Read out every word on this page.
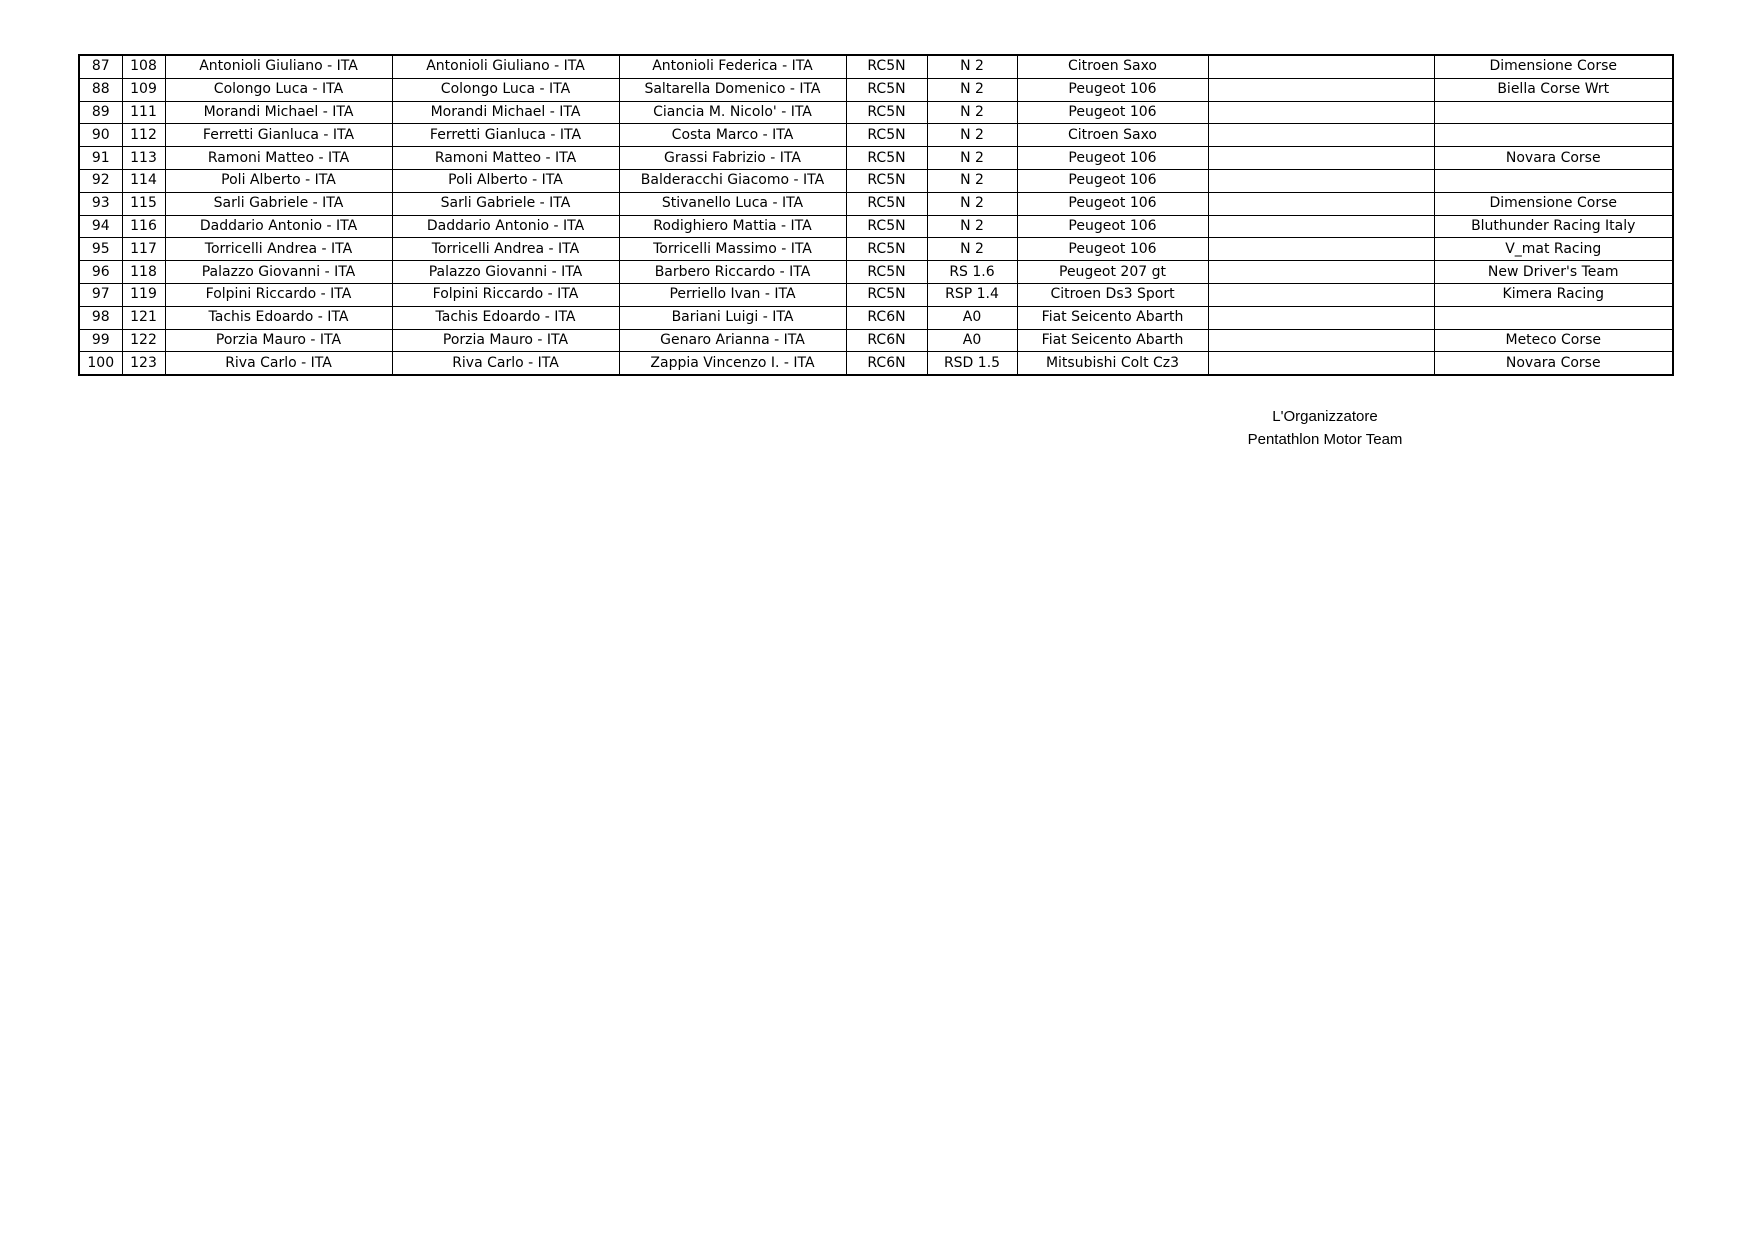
87	108	Antonioli Giuliano - ITA	Antonioli Giuliano - ITA	Antonioli Federica - ITA	RC5N	N 2	Citroen Saxo		Dimensione Corse
88	109	Colongo Luca - ITA	Colongo Luca - ITA	Saltarella Domenico - ITA	RC5N	N 2	Peugeot 106		Biella Corse Wrt
89	111	Morandi Michael - ITA	Morandi Michael - ITA	Ciancia M. Nicolo' - ITA	RC5N	N 2	Peugeot 106		
90	112	Ferretti Gianluca - ITA	Ferretti Gianluca - ITA	Costa Marco - ITA	RC5N	N 2	Citroen Saxo		
91	113	Ramoni Matteo - ITA	Ramoni Matteo - ITA	Grassi Fabrizio - ITA	RC5N	N 2	Peugeot 106		Novara Corse
92	114	Poli Alberto - ITA	Poli Alberto - ITA	Balderacchi Giacomo - ITA	RC5N	N 2	Peugeot 106		
93	115	Sarli Gabriele - ITA	Sarli Gabriele - ITA	Stivanello Luca - ITA	RC5N	N 2	Peugeot 106		Dimensione Corse
94	116	Daddario Antonio - ITA	Daddario Antonio - ITA	Rodighiero Mattia - ITA	RC5N	N 2	Peugeot 106		Bluthunder Racing Italy
95	117	Torricelli Andrea - ITA	Torricelli Andrea - ITA	Torricelli Massimo - ITA	RC5N	N 2	Peugeot 106		V_mat Racing
96	118	Palazzo Giovanni - ITA	Palazzo Giovanni - ITA	Barbero Riccardo - ITA	RC5N	RS 1.6	Peugeot 207 gt		New Driver's Team
97	119	Folpini Riccardo - ITA	Folpini Riccardo - ITA	Perriello Ivan - ITA	RC5N	RSP 1.4	Citroen Ds3 Sport		Kimera Racing
98	121	Tachis Edoardo - ITA	Tachis Edoardo - ITA	Bariani Luigi - ITA	RC6N	A0	Fiat Seicento Abarth		
99	122	Porzia Mauro - ITA	Porzia Mauro - ITA	Genaro Arianna - ITA	RC6N	A0	Fiat Seicento Abarth		Meteco Corse
100	123	Riva Carlo - ITA	Riva Carlo - ITA	Zappia Vincenzo I. - ITA	RC6N	RSD 1.5	Mitsubishi Colt Cz3		Novara Corse
L'Organizzatore
Pentathlon Motor Team
